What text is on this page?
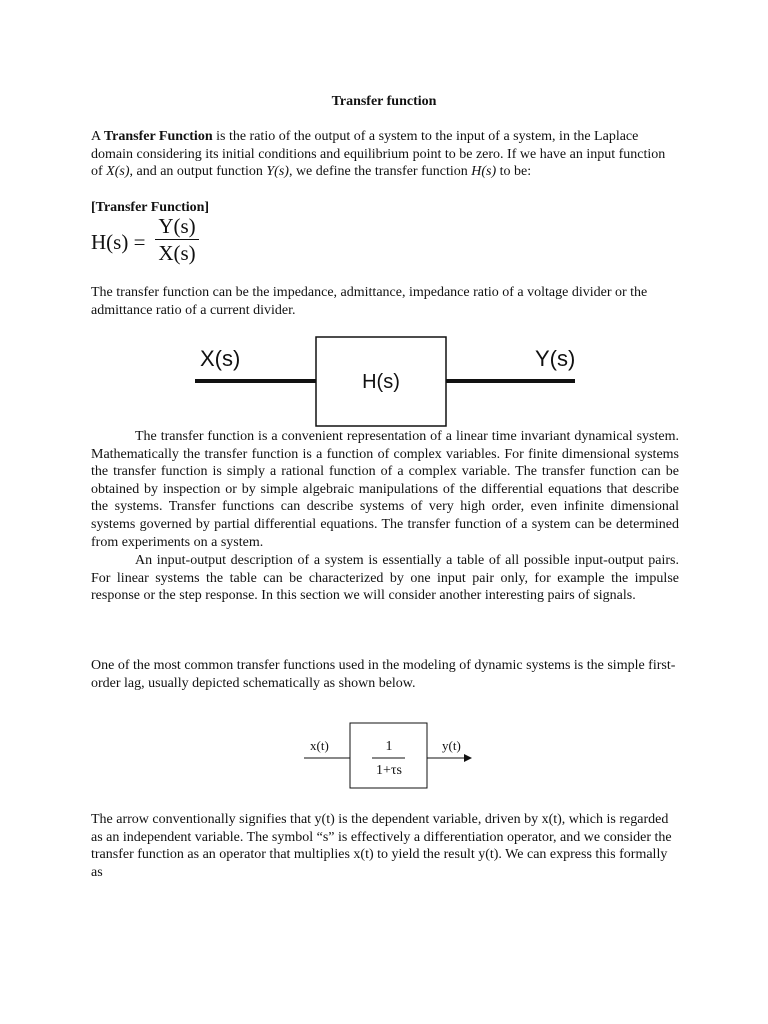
Transfer function
A Transfer Function is the ratio of the output of a system to the input of a system, in the Laplace domain considering its initial conditions and equilibrium point to be zero. If we have an input function of X(s), and an output function Y(s), we define the transfer function H(s) to be:
[Transfer Function]
H(s) =
Y(s)
X(s)
The transfer function can be the impedance, admittance, impedance ratio of a voltage divider or the admittance ratio of a current divider.
X(s)
H(s)
Y(s)
The transfer function is a convenient representation of a linear time invariant dynamical system. Mathematically the transfer function is a function of complex variables. For finite dimensional systems the transfer function is simply a rational function of a complex variable. The transfer function can be obtained by inspection or by simple algebraic manipulations of the differential equations that describe the systems. Transfer functions can describe systems of very high order, even infinite dimensional systems governed by partial differential equations. The transfer function of a system can be determined from experiments on a system.
An input-output description of a system is essentially a table of all possible input-output pairs. For linear systems the table can be characterized by one input pair only, for example the impulse response or the step response. In this section we will consider another interesting pairs of signals.
One of the most common transfer functions used in the modeling of dynamic systems is the simple first-order lag, usually depicted schematically as shown below.
x(t)	1
1+τs
y(t)
The arrow conventionally signifies that y(t) is the dependent variable, driven by x(t), which is regarded as an independent variable. The symbol “s” is effectively a differentiation operator, and we consider the transfer function as an operator that multiplies x(t) to yield the result y(t). We can express this formally as
